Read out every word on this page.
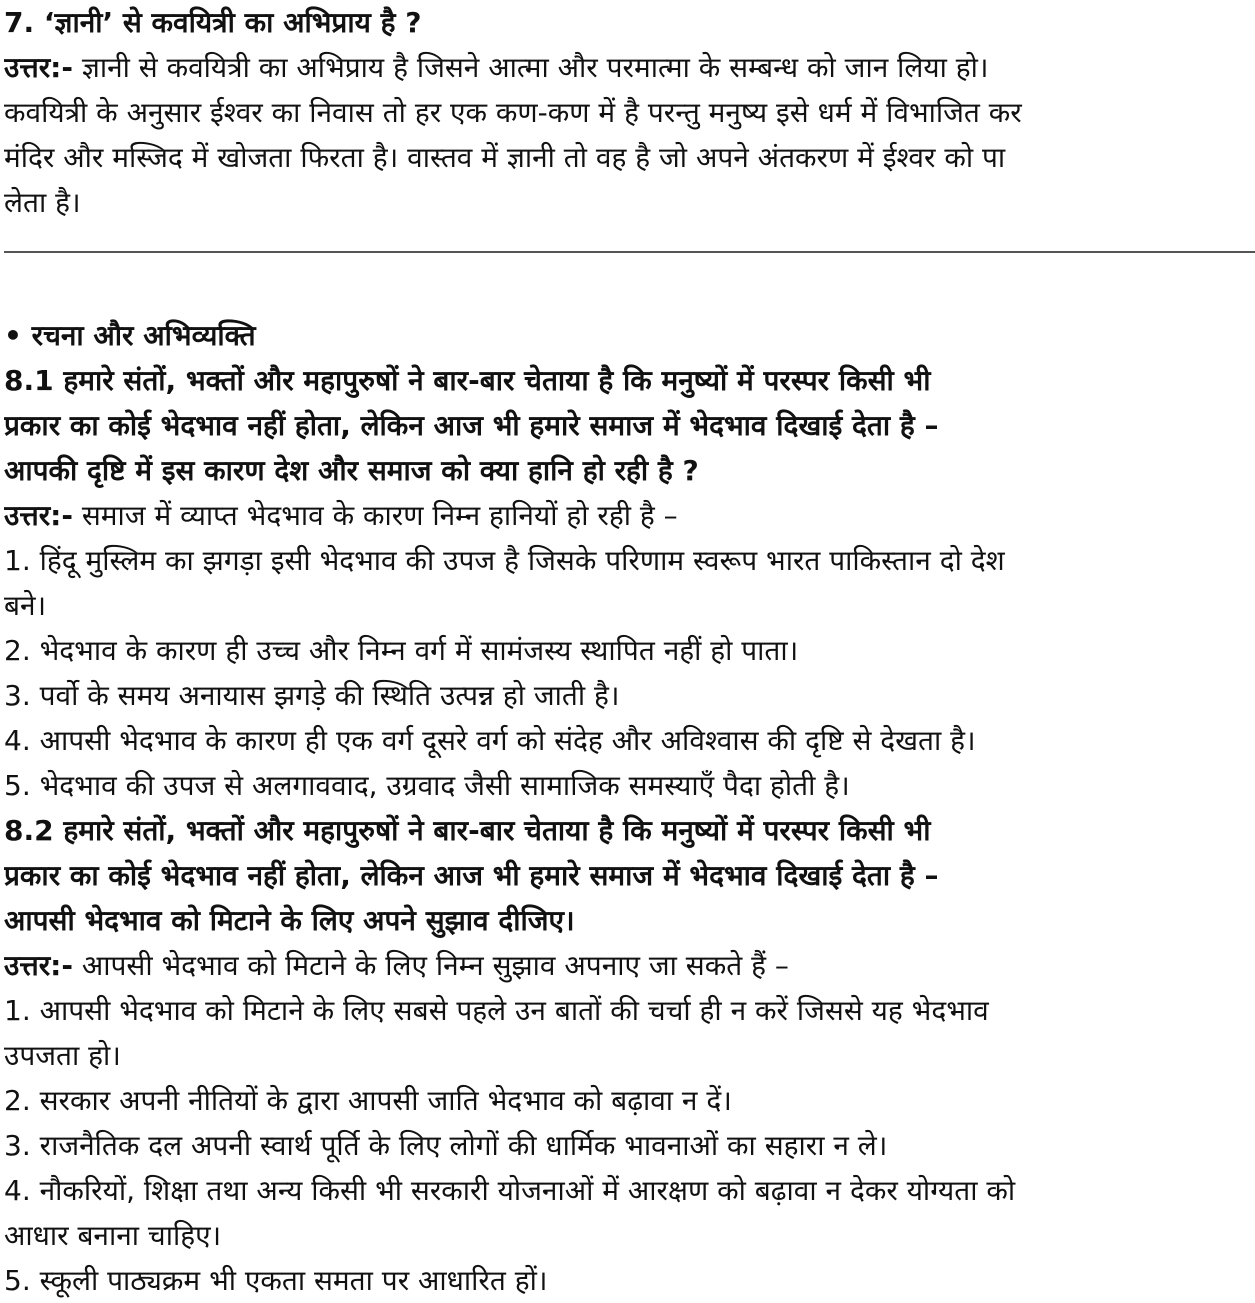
7. ‘ज्ञानी’ से कवयित्री का अभिप्राय है ?
उत्तर:- ज्ञानी से कवयित्री का अभिप्राय है जिसने आत्मा और परमात्मा के सम्बन्ध को जान लिया हो।
कवयित्री के अनुसार ईश्वर का निवास तो हर एक कण-कण में है परन्तु मनुष्य इसे धर्म में विभाजित कर
मंदिर और मस्जिद में खोजता फिरता है। वास्तव में ज्ञानी तो वह है जो अपने अंतकरण में ईश्वर को पा
लेता है।
• रचना और अभिव्यक्ति
8.1 हमारे संतों, भक्तों और महापुरुषों ने बार-बार चेताया है कि मनुष्यों में परस्पर किसी भी
प्रकार का कोई भेदभाव नहीं होता, लेकिन आज भी हमारे समाज में भेदभाव दिखाई देता है –
आपकी दृष्टि में इस कारण देश और समाज को क्या हानि हो रही है ?
उत्तर:- समाज में व्याप्त भेदभाव के कारण निम्न हानियों हो रही है –
1. हिंदू मुस्लिम का झगड़ा इसी भेदभाव की उपज है जिसके परिणाम स्वरूप भारत पाकिस्तान दो देश
बने।
2. भेदभाव के कारण ही उच्च और निम्न वर्ग में सामंजस्य स्थापित नहीं हो पाता।
3. पर्वो के समय अनायास झगड़े की स्थिति उत्पन्न हो जाती है।
4. आपसी भेदभाव के कारण ही एक वर्ग दूसरे वर्ग को संदेह और अविश्वास की दृष्टि से देखता है।
5. भेदभाव की उपज से अलगाववाद, उग्रवाद जैसी सामाजिक समस्याएँ पैदा होती है।
8.2 हमारे संतों, भक्तों और महापुरुषों ने बार-बार चेताया है कि मनुष्यों में परस्पर किसी भी
प्रकार का कोई भेदभाव नहीं होता, लेकिन आज भी हमारे समाज में भेदभाव दिखाई देता है –
आपसी भेदभाव को मिटाने के लिए अपने सुझाव दीजिए।
उत्तर:- आपसी भेदभाव को मिटाने के लिए निम्न सुझाव अपनाए जा सकते हैं –
1. आपसी भेदभाव को मिटाने के लिए सबसे पहले उन बातों की चर्चा ही न करें जिससे यह भेदभाव
उपजता हो।
2. सरकार अपनी नीतियों के द्वारा आपसी जाति भेदभाव को बढ़ावा न दें।
3. राजनैतिक दल अपनी स्वार्थ पूर्ति के लिए लोगों की धार्मिक भावनाओं का सहारा न ले।
4. नौकरियों, शिक्षा तथा अन्य किसी भी सरकारी योजनाओं में आरक्षण को बढ़ावा न देकर योग्यता को
आधार बनाना चाहिए।
5. स्कूली पाठ्यक्रम भी एकता समता पर आधारित हों।
